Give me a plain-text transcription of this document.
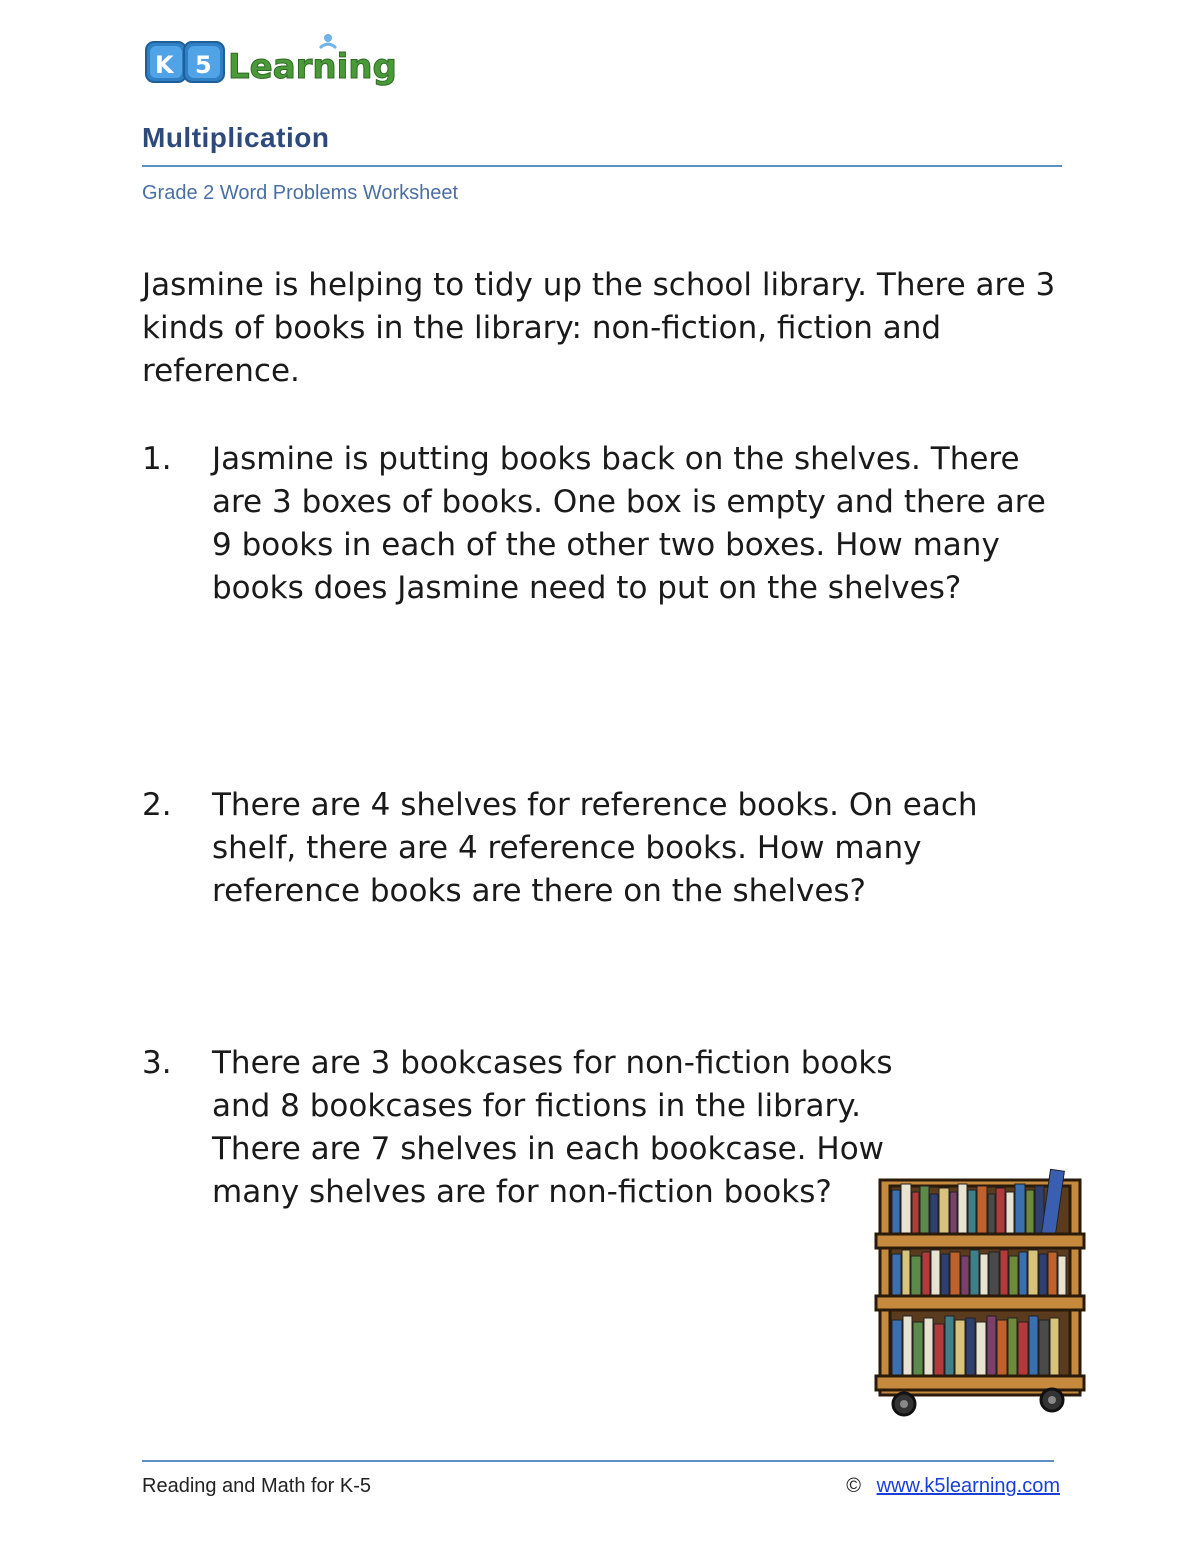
K 5 Learning
Multiplication
Grade 2 Word Problems Worksheet
Jasmine is helping to tidy up the school library. There are 3 kinds of books in the library: non-fiction, fiction and reference.
1. Jasmine is putting books back on the shelves. There are 3 boxes of books. One box is empty and there are 9 books in each of the other two boxes. How many books does Jasmine need to put on the shelves?
2. There are 4 shelves for reference books. On each shelf, there are 4 reference books. How many reference books are there on the shelves?
3. There are 3 bookcases for non-fiction books and 8 bookcases for fictions in the library. There are 7 shelves in each bookcase. How many shelves are for non-fiction books?
Reading and Math for K-5	© www.k5learning.com
